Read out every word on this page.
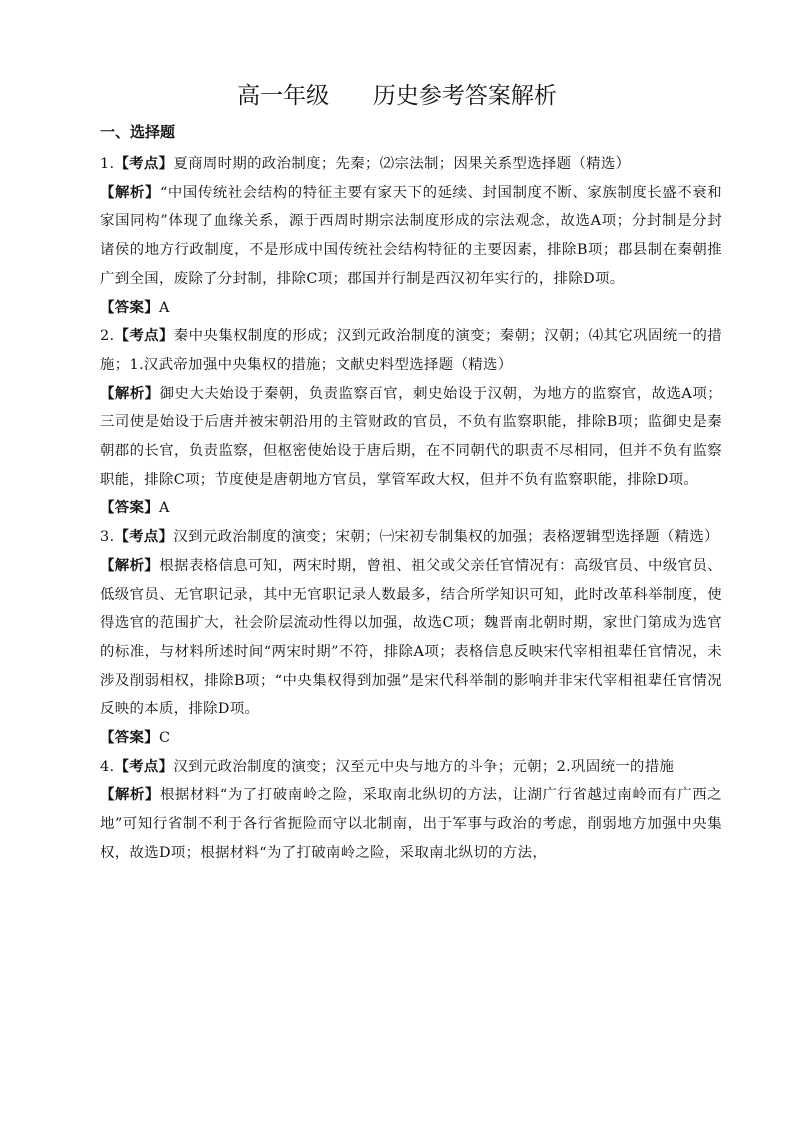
高一年级      历史参考答案解析
一、选择题

1.【考点】夏商周时期的政治制度；先秦；⑵宗法制；因果关系型选择题（精选）

【解析】“中国传统社会结构的特征主要有家天下的延续、封国制度不断、家族制度长盛不衰和家国同构”体现了血缘关系，源于西周时期宗法制度形成的宗法观念，故选A项；分封制是分封诸侯的地方行政制度，不是形成中国传统社会结构特征的主要因素，排除B项；郡县制在秦朝推广到全国，废除了分封制，排除C项；郡国并行制是西汉初年实行的，排除D项。

【答案】A

2.【考点】秦中央集权制度的形成；汉到元政治制度的演变；秦朝；汉朝；⑷其它巩固统一的措施；1.汉武帝加强中央集权的措施；文献史料型选择题（精选）

【解析】御史大夫始设于秦朝，负责监察百官，刺史始设于汉朝，为地方的监察官，故选A项；三司使是始设于后唐并被宋朝沿用的主管财政的官员，不负有监察职能，排除B项；监御史是秦朝郡的长官，负责监察，但枢密使始设于唐后期，在不同朝代的职责不尽相同，但并不负有监察职能，排除C项；节度使是唐朝地方官员，掌管军政大权，但并不负有监察职能，排除D项。

【答案】A

3.【考点】汉到元政治制度的演变；宋朝；㈠宋初专制集权的加强；表格逻辑型选择题（精选）

【解析】根据表格信息可知，两宋时期，曾祖、祖父或父亲任官情况有：高级官员、中级官员、低级官员、无官职记录，其中无官职记录人数最多，结合所学知识可知，此时改革科举制度，使得选官的范围扩大，社会阶层流动性得以加强，故选C项；魏晋南北朝时期，家世门第成为选官的标准，与材料所述时间“两宋时期”不符，排除A项；表格信息反映宋代宰相祖辈任官情况，未涉及削弱相权，排除B项；“中央集权得到加强”是宋代科举制的影响并非宋代宰相祖辈任官情况反映的本质，排除D项。

【答案】C

4.【考点】汉到元政治制度的演变；汉至元中央与地方的斗争；元朝；2.巩固统一的措施

【解析】根据材料“为了打破南岭之险，采取南北纵切的方法，让湖广行省越过南岭而有广西之地”可知行省制不利于各行省扼险而守以北制南，出于军事与政治的考虑，削弱地方加强中央集权，故选D项；根据材料“为了打破南岭之险，采取南北纵切的方法，
